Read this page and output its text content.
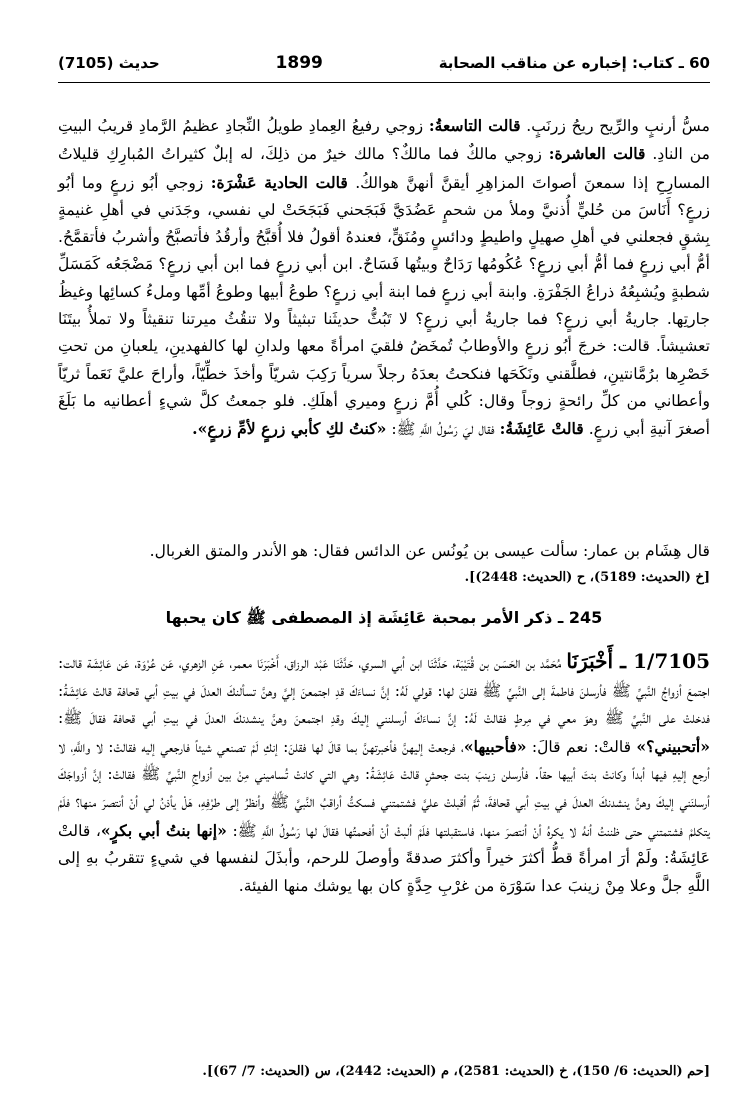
60 ـ كتاب: إخباره عن مناقب الصحابة
1899
حديث (7105)

مسُّ أرنبٍ والرِّيح ريحُ زرنَبٍ. قالت التاسعةُ: زوجي رفيعُ العِمادِ طويلُ النِّجادِ عظيمُ الرَّمادِ قريبُ البيتِ من النادِ. قالت العاشرة: زوجي مالكٌ فما مالكٌ؟ مالك خيرٌ من ذلِكَ، له إبلٌ كثيراتُ المُبارِكِ قليلاتُ المسارِحِ إذا سمعنَ أصواتَ المزاهِرِ أيقنَّ أنهنَّ هوالكُ. قالت الحادية عَشْرَة: زوجي أبُو زرعٍ وما أبُو زرعٍ؟ أَنَاسَ من حُليٍّ أُذنيَّ وملأ من شحمٍ عَضُدَيَّ فَبَجَحني فَبَجَحَتْ لي نفسي، وجَدَني في أهلِ غنيمةٍ بِشقٍ فجعلني في أهلِ صهيلٍ واطيطٍ ودائسٍ ومُنَقٍّ، فعندهُ أقولُ فلا أُقبَّحُ وأرقُدُ فأتصبَّحُ وأشربُ فأتقمَّحُ. أمُّ أبي زرعٍ فما أمُّ أبي زرعٍ؟ عُكُومُها رَدَاحٌ وبيتُها فَسَاحٌ. ابن أبي زرعٍ فما ابن أبي زرعٍ؟ مَضْجَعُه كَمَسَلِّ شطبةٍ ويُشبِعُهُ ذراعُ الجَفْرَةِ. وابنة أبي زرعٍ فما ابنة أبي زرعٍ؟ طوعُ أبيها وطوعُ أمِّها وملءُ كسائِها وغيظُ جارتِها. جاريةُ أبي زرعٍ؟ فما جاريةُ أبي زرعٍ؟ لا تَبُثُّ حديثَنا تبثيثاً ولا تنقُثُ ميرتنا تنقيثاً ولا تملأُ بيتَنَا تعشيشاً. قالت: خرجَ أبُو زرعٍ والأوطابُ تُمخَضُ فلقيَ امرأةً معها ولدانِ لها كالفهدينِ، يلعبانِ من تحتِ خَصْرِها برُمَّانتينِ، فطلَّقني ونَكَحَها فنكحتُ بعدَهُ رجلاً سرياً رَكِبَ شريّاً وأخذَ خطِّيّاً، وأراحَ عليَّ نَعَماً ثريّاً وأعطاني من كلِّ رائحةٍ زوجاً وقال: كُلي أُمَّ زرعٍ وميري أهلَكِ. فلو جمعتُ كلَّ شيءٍ أعطانيه ما بَلَغَ أصغرَ آنيةِ أبي زرعٍ. قالتْ عَائِشَةُ: فقال ليَ رَسُولُ اللَّهِ ﷺ: «كنتُ لكِ كأبي زرعٍ لأمِّ زرعٍ».

قال هِشَام بن عمار: سألت عيسى بن يُونُس عن الدائس فقال: هو الأندر والمتق الغربال.
[خ (الحديث: 5189)، ح (الحديث: 2448)].
245 ـ ذكر الأمر بمحبة عَائِشَة إذ المصطفى ﷺ كان يحبها
1/7105 ـ أَخْبَرَنَا مُحَمَّد بن الحَسَن بن قُتَيْبَة، حَدَّثَنَا ابن أبي السري، حَدَّثَنَا عَبْد الرزاق، أَخْبَرَنَا معمر، عَنِ الزهري، عَن عُرْوَة، عَن عَائِشَة قالت: اجتمعَ أزواجُ النَّبيِّ ﷺ فأرسلنَ فاطمةَ إلى النَّبيِّ ﷺ فقلنَ لها: قولي لَهُ: إنَّ نساءَكَ قدِ اجتمعنَ إليَّ وهنَّ تسألنكَ العدلَ في بيتِ أبي قحافة قالتْ عَائِشَةُ: فدخلتْ على النَّبيِّ ﷺ وهوَ معي في مِرطٍ فقالتْ لَهُ: إنَّ نساءَكَ أرسلنني إليكَ وقدِ اجتمعنَ وهنَّ ينشدنكَ العدلَ في بيتِ أبي قحافة فقالَ ﷺ: «أتحبيني؟» قالتْ: نعم قالَ: «فأحبيها»، فرجعتْ إليهنَّ فأخبرتهنَّ بما قالَ لها فقلنَ: إنكِ لَمْ تصنعي شيئاً فارجعي إليه فقالتْ: لا واللَّهِ، لا أرجع إليهِ فيها أبداً وكانتْ بنتَ أبيها حقاً. فأرسلن زينبَ بنت جحشٍ قالتْ عَائِشَةُ: وهي التي كانتْ تُساميني مِنْ بين أزواجِ النَّبيِّ ﷺ فقالتْ: إنَّ أزواجَكَ أرسلنَني إليكَ وهنَّ ينشدنكَ العدلَ في بيتِ أبي قحافةَ، ثُمَّ أقبلتْ عليَّ فشتمتني فسكتُّ أراقبُ النَّبيَّ ﷺ وأنظرُ إلى طرْفِهِ، هَلْ يأذنُ لي أنْ أنتصرَ منها؟ فلَمْ يتكلمْ فشتمتني حتى ظننتُ أنهُ لا يكرهُ أنْ أنتصرَ منها، فاستقبلتها فلَمْ ألبثْ أنْ أفحمتُها فقالَ لها رَسُولُ اللَّهِ ﷺ: «إنها بنتُ أبي بكرٍ»، قالتْ عَائِشَةُ: ولَمْ أرَ امرأةً قطُّ أكثرَ خيراً وأكثرَ صدقةً وأوصلَ للرحم، وأبذَلَ لنفسها في شيءٍ تتقربُ بهِ إلى اللَّهِ جلَّ وعلا مِنْ زينبَ عدا سَوْرَة من غرْبِ حِدَّةٍ كان بها يوشك منها الفيئة.
[حم (الحديث: 6/ 150)، خ (الحديث: 2581)، م (الحديث: 2442)، س (الحديث: 7/ 67)].
